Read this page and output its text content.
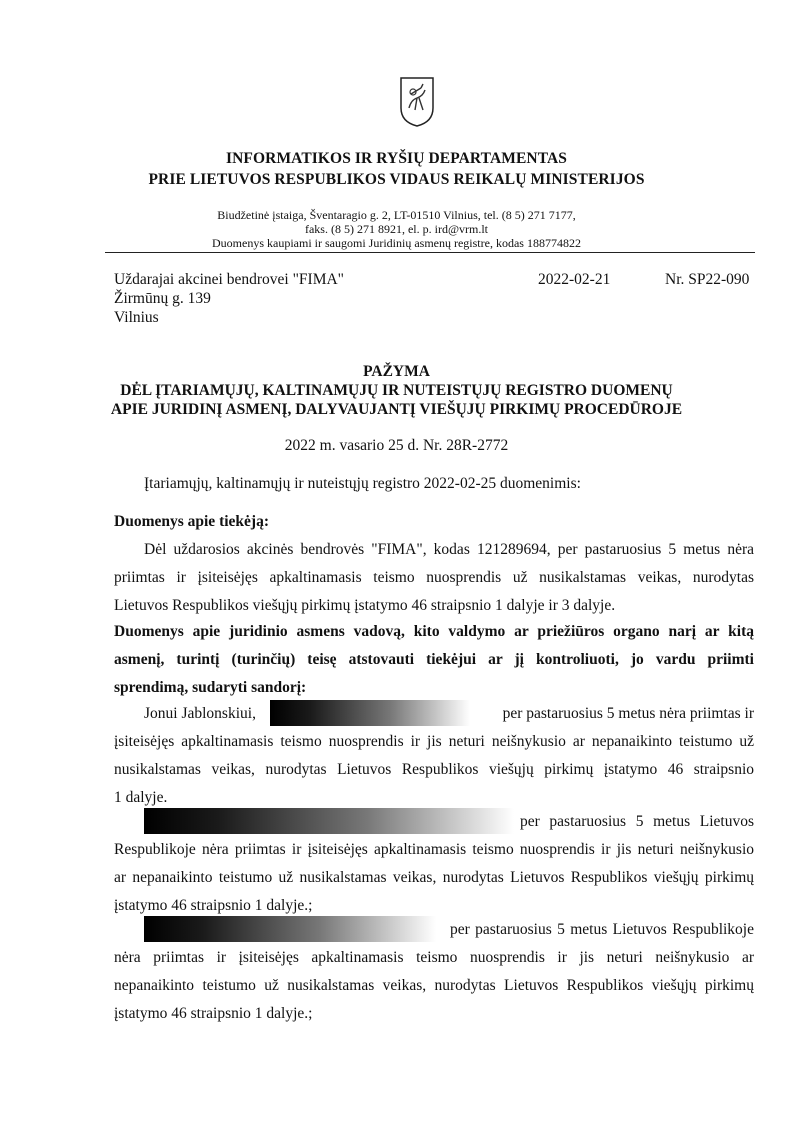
INFORMATIKOS IR RYŠIŲ DEPARTAMENTAS
PRIE LIETUVOS RESPUBLIKOS VIDAUS REIKALŲ MINISTERIJOS
Biudžetinė įstaiga, Šventaragio g. 2, LT-01510 Vilnius, tel. (8 5) 271 7177,
faks. (8 5) 271 8921, el. p. ird@vrm.lt
Duomenys kaupiami ir saugomi Juridinių asmenų registre, kodas 188774822
Uždarajai akcinei bendrovei "FIMA"
Žirmūnų g. 139
Vilnius
2022-02-21	Nr. SP22-090
PAŽYMA
DĖL ĮTARIAMŲJŲ, KALTINAMŲJŲ IR NUTEISTŲJŲ REGISTRO DUOMENŲ
APIE JURIDINĮ ASMENĮ, DALYVAUJANTĮ VIEŠŲJŲ PIRKIMŲ PROCEDŪROJE
2022 m. vasario 25 d. Nr. 28R-2772
Įtariamųjų, kaltinamųjų ir nuteistųjų registro 2022-02-25 duomenimis:
Duomenys apie tiekėją:
Dėl uždarosios akcinės bendrovės "FIMA", kodas 121289694, per pastaruosius 5 metus nėra
priimtas ir įsiteisėjęs apkaltinamasis teismo nuosprendis už nusikalstamas veikas, nurodytas
Lietuvos Respublikos viešųjų pirkimų įstatymo 46 straipsnio 1 dalyje ir 3 dalyje.
Duomenys apie juridinio asmens vadovą, kito valdymo ar priežiūros organo narį ar kitą
asmenį, turintį (turinčių) teisę atstovauti tiekėjui ar jį kontroliuoti, jo vardu priimti
sprendimą, sudaryti sandorį:
Jonui Jablonskiui,	per pastaruosius 5 metus nėra priimtas ir
įsiteisėjęs apkaltinamasis teismo nuosprendis ir jis neturi neišnykusio ar nepanaikinto teistumo už
nusikalstamas veikas, nurodytas Lietuvos Respublikos viešųjų pirkimų įstatymo 46 straipsnio
1 dalyje.
per pastaruosius 5 metus Lietuvos
Respublikoje nėra priimtas ir įsiteisėjęs apkaltinamasis teismo nuosprendis ir jis neturi neišnykusio
ar nepanaikinto teistumo už nusikalstamas veikas, nurodytas Lietuvos Respublikos viešųjų pirkimų
įstatymo 46 straipsnio 1 dalyje.;
per pastaruosius 5 metus Lietuvos Respublikoje
nėra priimtas ir įsiteisėjęs apkaltinamasis teismo nuosprendis ir jis neturi neišnykusio ar
nepanaikinto teistumo už nusikalstamas veikas, nurodytas Lietuvos Respublikos viešųjų pirkimų
įstatymo 46 straipsnio 1 dalyje.;
